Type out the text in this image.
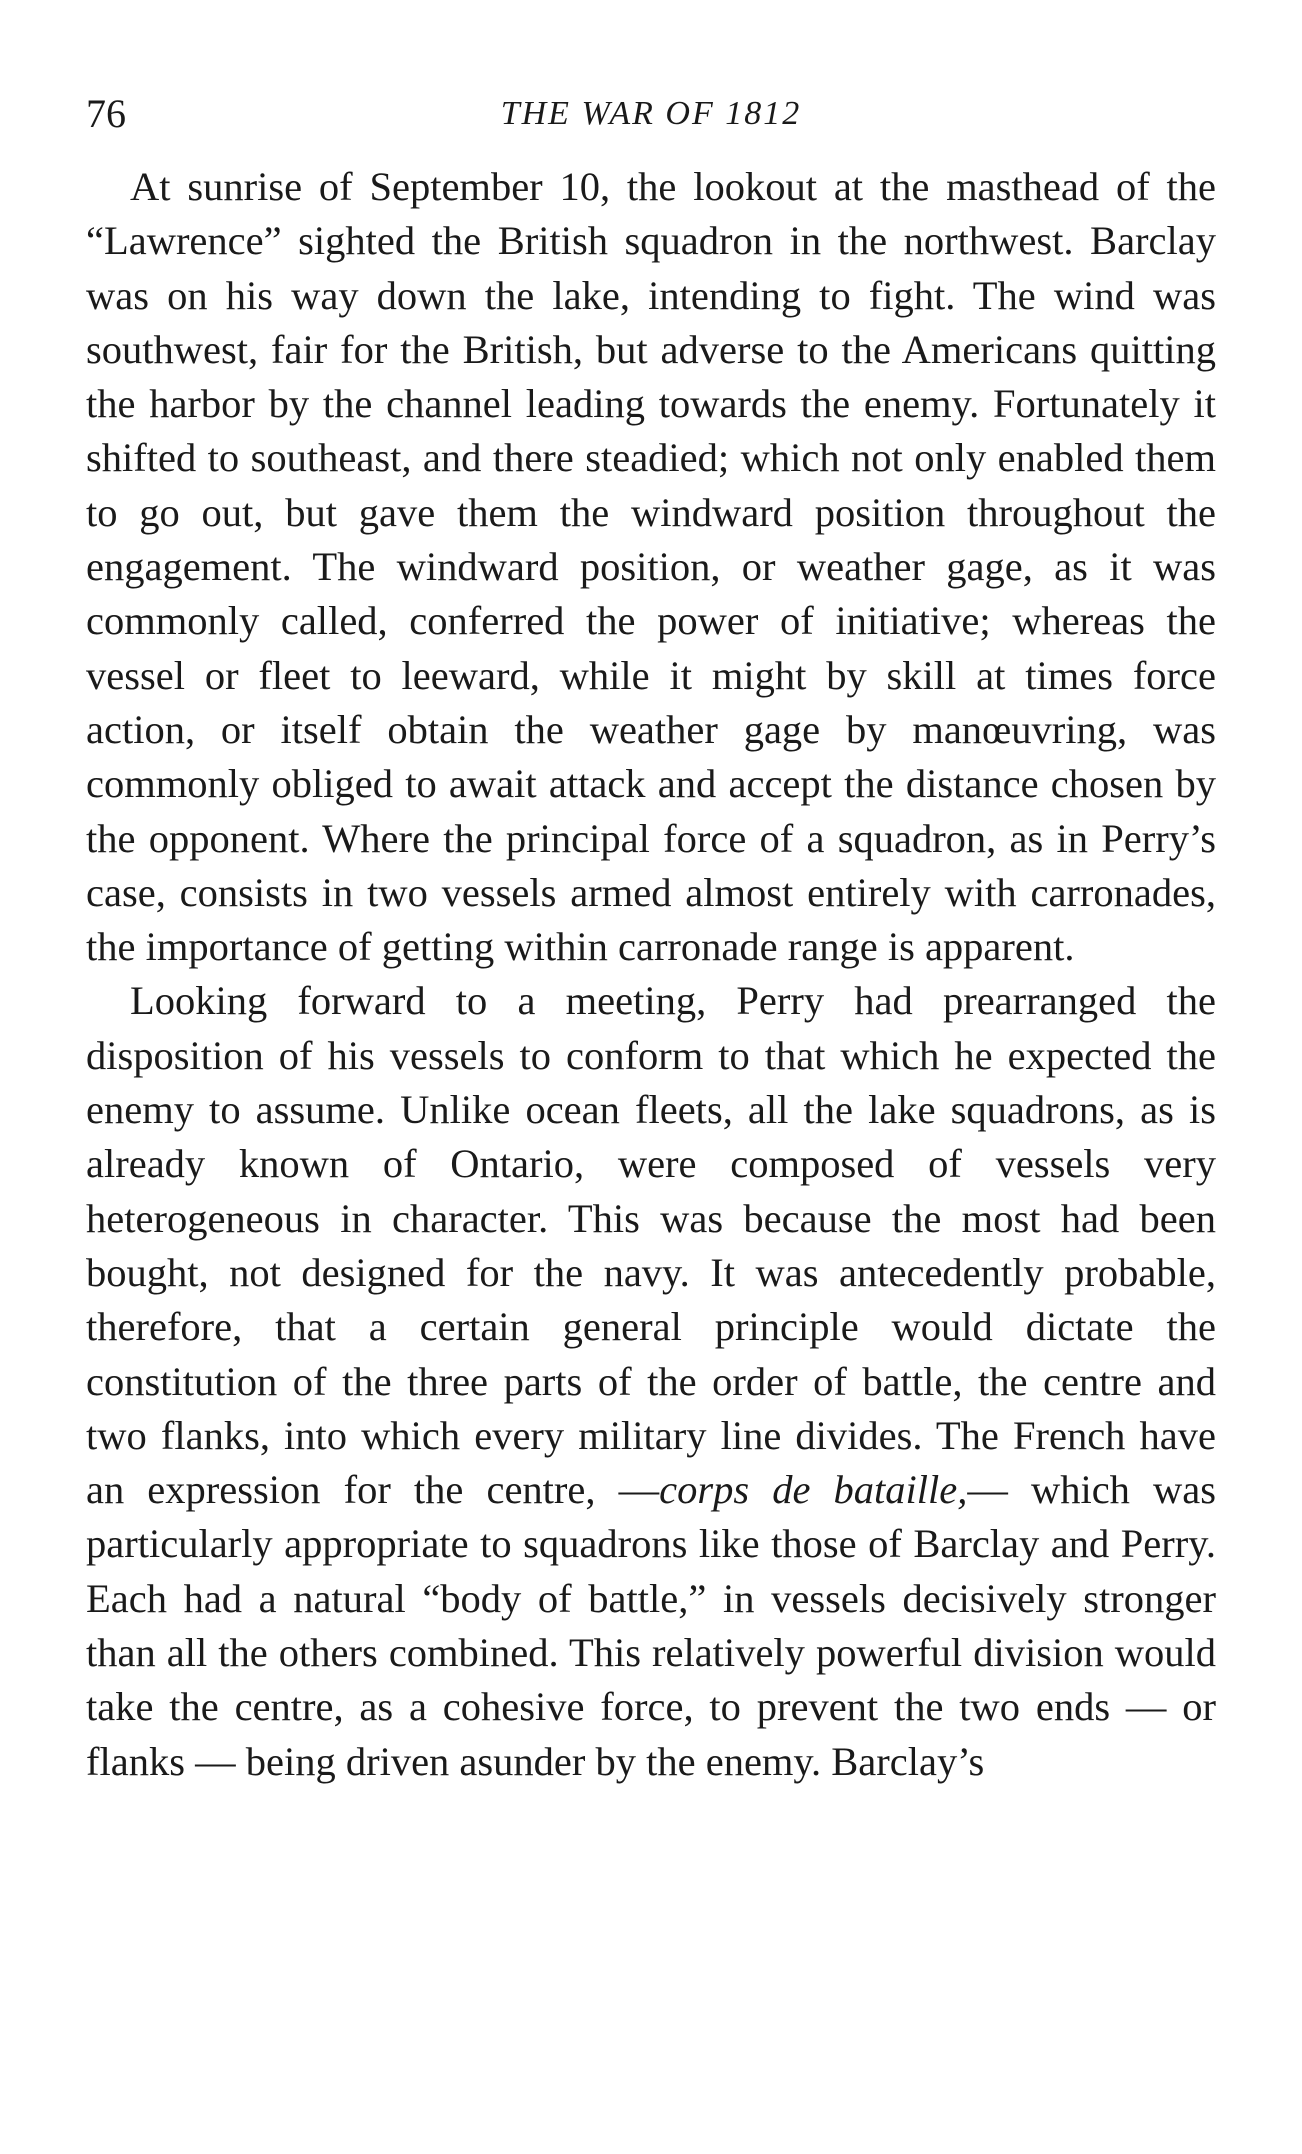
76	THE WAR OF 1812

At sunrise of September 10, the lookout at the masthead of the “Lawrence” sighted the British squadron in the northwest. Barclay was on his way down the lake, intending to fight. The wind was southwest, fair for the British, but adverse to the Americans quitting the harbor by the channel leading towards the enemy. Fortunately it shifted to southeast, and there steadied; which not only enabled them to go out, but gave them the windward position throughout the engagement. The windward position, or weather gage, as it was commonly called, conferred the power of initiative; whereas the vessel or fleet to leeward, while it might by skill at times force action, or itself obtain the weather gage by manœuvring, was commonly obliged to await attack and accept the distance chosen by the opponent. Where the principal force of a squadron, as in Perry’s case, consists in two vessels armed almost entirely with carronades, the importance of getting within carronade range is apparent.

Looking forward to a meeting, Perry had prearranged the disposition of his vessels to conform to that which he expected the enemy to assume. Unlike ocean fleets, all the lake squadrons, as is already known of Ontario, were composed of vessels very heterogeneous in character. This was because the most had been bought, not designed for the navy. It was antecedently probable, therefore, that a certain general principle would dictate the constitution of the three parts of the order of battle, the centre and two flanks, into which every military line divides. The French have an expression for the centre, —corps de bataille,— which was particularly appropriate to squadrons like those of Barclay and Perry. Each had a natural “body of battle,” in vessels decisively stronger than all the others combined. This relatively powerful division would take the centre, as a cohesive force, to prevent the two ends — or flanks — being driven asunder by the enemy. Barclay’s
